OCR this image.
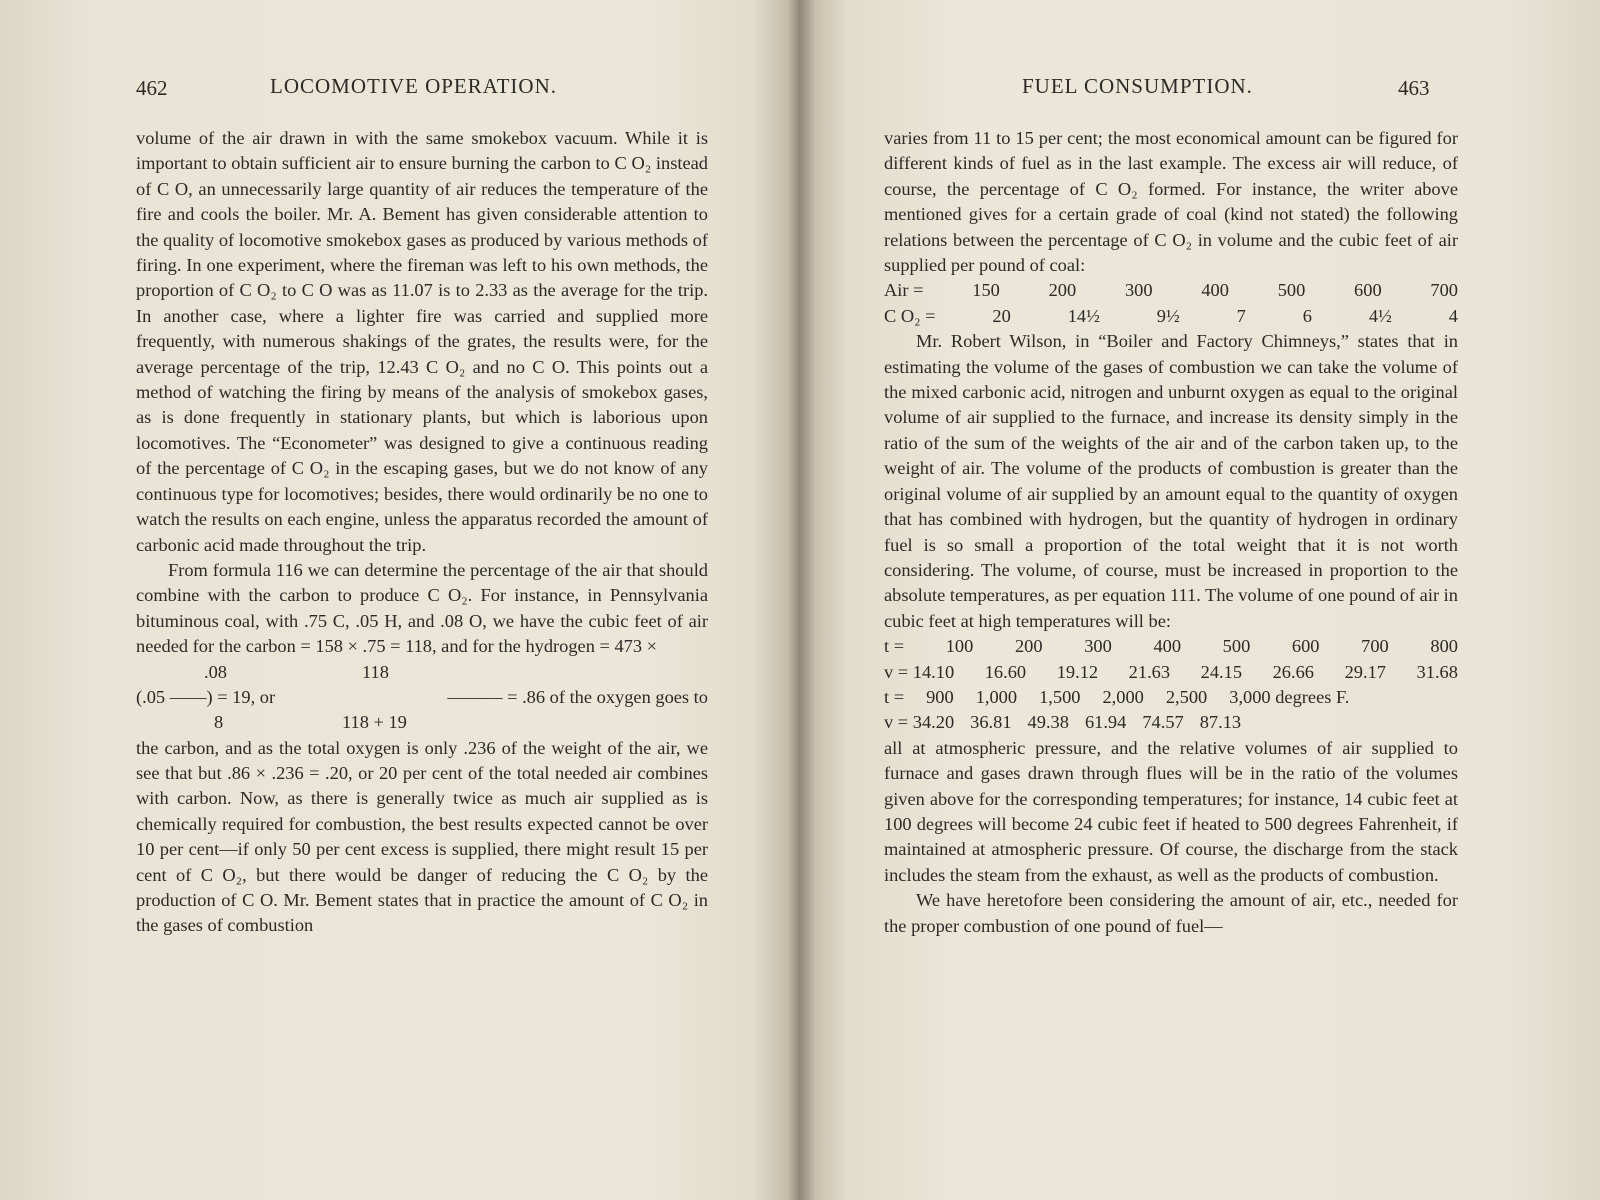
462	LOCOMOTIVE OPERATION.

volume of the air drawn in with the same smokebox vacuum. While it is important to obtain sufficient air to ensure burning the carbon to C O₂ instead of C O, an unnecessarily large quantity of air reduces the temperature of the fire and cools the boiler. Mr. A. Bement has given considerable attention to the quality of locomotive smokebox gases as produced by various methods of firing. In one experiment, where the fireman was left to his own methods, the proportion of C O₂ to C O was as 11.07 is to 2.33 as the average for the trip. In another case, where a lighter fire was carried and supplied more frequently, with numerous shakings of the grates, the results were, for the average percentage of the trip, 12.43 C O₂ and no C O. This points out a method of watching the firing by means of the analysis of smokebox gases, as is done frequently in stationary plants, but which is laborious upon locomotives. The “Econometer” was designed to give a continuous reading of the percentage of C O₂ in the escaping gases, but we do not know of any continuous type for locomotives; besides, there would ordinarily be no one to watch the results on each engine, unless the apparatus recorded the amount of carbonic acid made throughout the trip.

From formula 116 we can determine the percentage of the air that should combine with the carbon to produce C O₂. For instance, in Pennsylvania bituminous coal, with .75 C, .05 H, and .08 O, we have the cubic feet of air needed for the carbon = 158 × .75 = 118, and for the hydrogen = 473 ×

.08
(.05 ——) = 19, or
8
118
——— = .86 of the oxygen goes to
118 + 19

the carbon, and as the total oxygen is only .236 of the weight of the air, we see that but .86 × .236 = .20, or 20 per cent of the total needed air combines with carbon. Now, as there is generally twice as much air supplied as is chemically required for combustion, the best results expected cannot be over 10 per cent—if only 50 per cent excess is supplied, there might result 15 per cent of C O₂, but there would be danger of reducing the C O₂ by the production of C O. Mr. Bement states that in practice the amount of C O₂ in the gases of combustion

FUEL CONSUMPTION.	463

varies from 11 to 15 per cent; the most economical amount can be figured for different kinds of fuel as in the last example. The excess air will reduce, of course, the percentage of C O₂ formed. For instance, the writer above mentioned gives for a certain grade of coal (kind not stated) the following relations between the percentage of C O₂ in volume and the cubic feet of air supplied per pound of coal:

Air =	150	200	300	400	500	600	700
C O₂ =	20	14½	9½	7	6	4½	4

Mr. Robert Wilson, in “Boiler and Factory Chimneys,” states that in estimating the volume of the gases of combustion we can take the volume of the mixed carbonic acid, nitrogen and unburnt oxygen as equal to the original volume of air supplied to the furnace, and increase its density simply in the ratio of the sum of the weights of the air and of the carbon taken up, to the weight of air. The volume of the products of combustion is greater than the original volume of air supplied by an amount equal to the quantity of oxygen that has combined with hydrogen, but the quantity of hydrogen in ordinary fuel is so small a proportion of the total weight that it is not worth considering. The volume, of course, must be increased in proportion to the absolute temperatures, as per equation 111. The volume of one pound of air in cubic feet at high temperatures will be:

t = 100 200 300 400 500 600 700 800
v = 14.10 16.60 19.12 21.63 24.15 26.66 29.17 31.68
t = 900 1,000 1,500 2,000 2,500 3,000 degrees F.
v = 34.20 36.81 49.38 61.94 74.57 87.13

all at atmospheric pressure, and the relative volumes of air supplied to furnace and gases drawn through flues will be in the ratio of the volumes given above for the corresponding temperatures; for instance, 14 cubic feet at 100 degrees will become 24 cubic feet if heated to 500 degrees Fahrenheit, if maintained at atmospheric pressure. Of course, the discharge from the stack includes the steam from the exhaust, as well as the products of combustion.

We have heretofore been considering the amount of air, etc., needed for the proper combustion of one pound of fuel—
